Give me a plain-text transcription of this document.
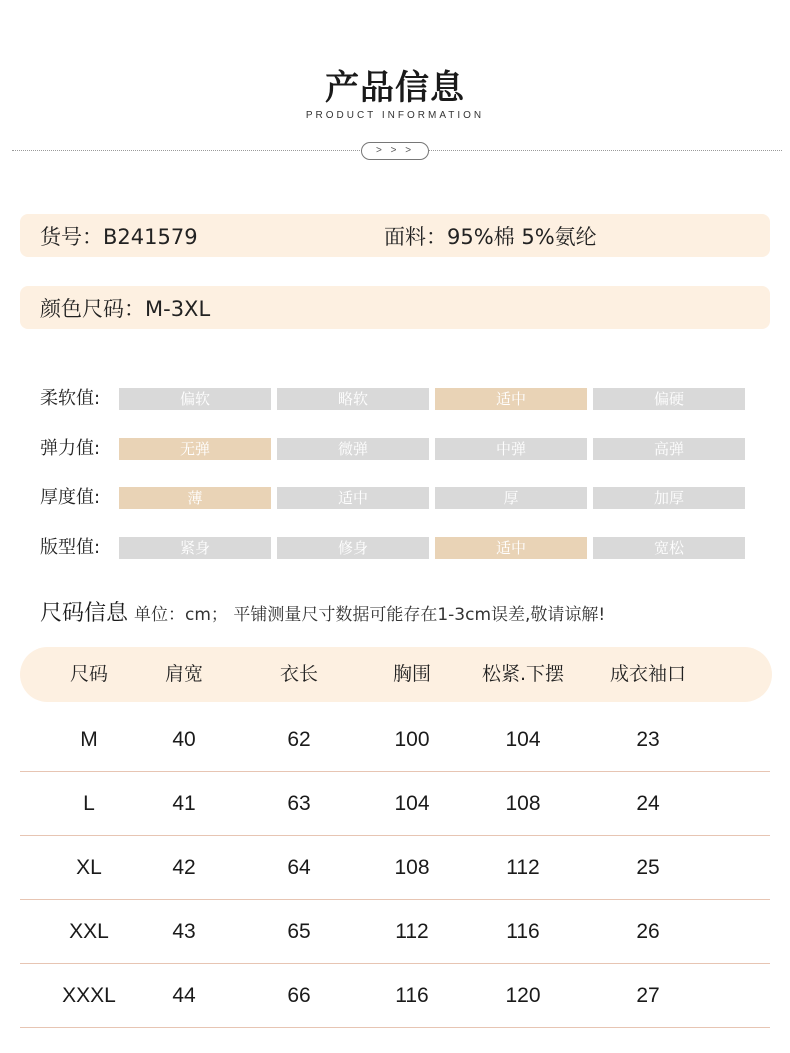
产品信息
PRODUCT INFORMATION
> > >
货号：B241579	面料：95%棉 5%氨纶
颜色尺码：M-3XL
柔软值:	偏软	略软	适中	偏硬
弹力值:	无弹	微弹	中弹	高弹
厚度值:	薄	适中	厚	加厚
版型值:	紧身	修身	适中	宽松
尺码信息 单位：cm； 平铺测量尺寸数据可能存在1-3cm误差,敬请谅解!
尺码	肩宽	衣长	胸围	松紧.下摆	成衣袖口
M	40	62	100	104	23
L	41	63	104	108	24
XL	42	64	108	112	25
XXL	43	65	112	116	26
XXXL	44	66	116	120	27
